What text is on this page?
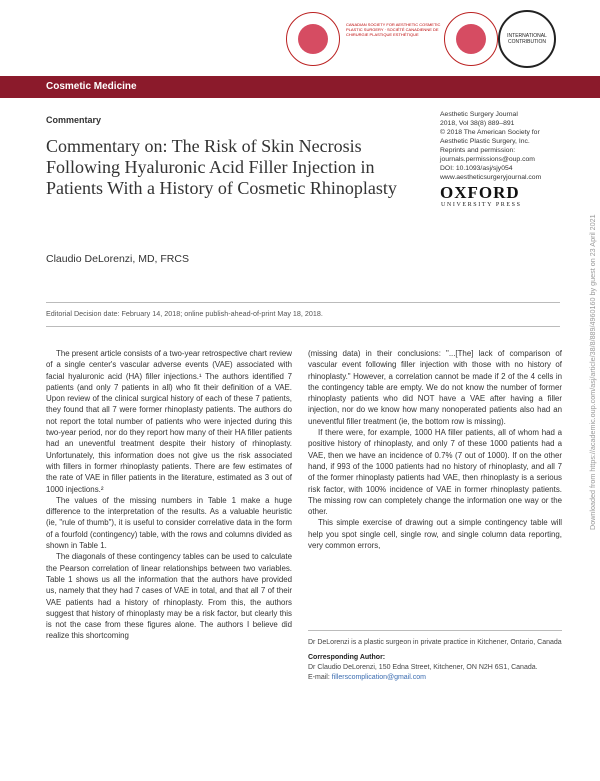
CANADIAN SOCIETY FOR AESTHETIC COSMETIC PLASTIC SURGERY · SOCIÉTÉ CANADIENNE DE CHIRURGIE PLASTIQUE ESTHÉTIQUE	INTERNATIONAL CONTRIBUTION
Cosmetic Medicine
Commentary
Commentary on: The Risk of Skin Necrosis Following Hyaluronic Acid Filler Injection in Patients With a History of Cosmetic Rhinoplasty
Aesthetic Surgery Journal
2018, Vol 38(8) 889–891
© 2018 The American Society for
Aesthetic Plastic Surgery, Inc.
Reprints and permission:
journals.permissions@oup.com
DOI: 10.1093/asj/sjy054
www.aestheticsurgeryjournal.com
OXFORD
UNIVERSITY PRESS
Claudio DeLorenzi, MD, FRCS
Editorial Decision date: February 14, 2018; online publish-ahead-of-print May 18, 2018.

The present article consists of a two-year retrospective chart review of a single center's vascular adverse events (VAE) associated with facial hyaluronic acid (HA) filler injections.¹ The authors identified 7 patients (and only 7 patients in all) who fit their definition of a VAE. Upon review of the clinical surgical history of each of these 7 patients, they found that all 7 were former rhinoplasty patients. The authors do not report the total number of patients who were injected during this two-year period, nor do they report how many of their HA filler patients had an uneventful treatment despite their history of rhinoplasty. Unfortunately, this information does not give us the risk associated with fillers in former rhinoplasty patients. There are few estimates of the rate of VAE in filler patients in the literature, estimated as 3 out of 1000 injections.²

The values of the missing numbers in Table 1 make a huge difference to the interpretation of the results. As a valuable heuristic (ie, "rule of thumb"), it is useful to consider correlative data in the form of a fourfold (contingency) table, with the rows and columns divided as shown in Table 1.

The diagonals of these contingency tables can be used to calculate the Pearson correlation of linear relationships between two variables. Table 1 shows us all the information that the authors have provided us, namely that they had 7 cases of VAE in total, and that all 7 of their VAE patients had a history of rhinoplasty. From this, the authors suggest that history of rhinoplasty may be a risk factor, but clearly this is not the case from these figures alone. The authors I believe did realize this shortcoming

(missing data) in their conclusions: "...[The] lack of comparison of vascular event following filler injection with those with no history of rhinoplasty." However, a correlation cannot be made if 2 of the 4 cells in the contingency table are empty. We do not know the number of former rhinoplasty patients who did NOT have a VAE after having a filler injection, nor do we know how many nonoperated patients also had an uneventful filler treatment (ie, the bottom row is missing).

If there were, for example, 1000 HA filler patients, all of whom had a positive history of rhinoplasty, and only 7 of these 1000 patients had a VAE, then we have an incidence of 0.7% (7 out of 1000). If on the other hand, if 993 of the 1000 patients had no history of rhinoplasty, and all 7 of the former rhinoplasty patients had VAE, then rhinoplasty is a serious risk factor, with 100% incidence of VAE in former rhinoplasty patients. The missing row can completely change the information one way or the other.

This simple exercise of drawing out a simple contingency table will help you spot single cell, single row, and single column data reporting, very common errors,

Dr DeLorenzi is a plastic surgeon in private practice in Kitchener, Ontario, Canada
Corresponding Author:
Dr Claudio DeLorenzi, 150 Edna Street, Kitchener, ON N2H 6S1, Canada.
E-mail: fillerscomplication@gmail.com
Downloaded from https://academic.oup.com/asj/article/38/8/889/4960160 by guest on 23 April 2021
